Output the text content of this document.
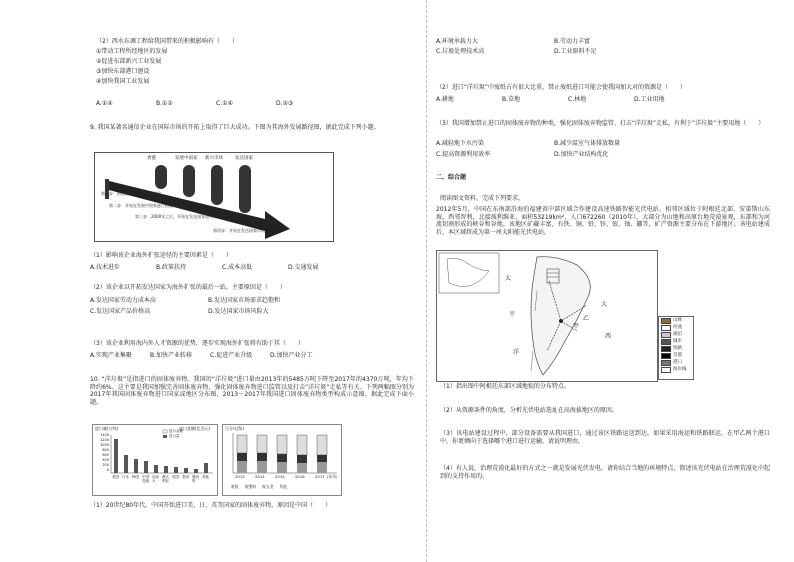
（2）西水东调工程给我国带来的积极影响有（　　）
①带动工程所经地区的发展
②促进东部新兴工业发展
③加快东部港口建设
④加快我国工业发展
A.①④	B.①②	C.①④	D.②③
9. 我国某著名通信企业在国际市场的开拓上取得了巨大成功。下图为其海外发展路径图，据此完成下列小题。
香港	发展中国家 新兴市场	发达国家
第一步：围绕前往港进行初步检验
第二步：开始在发展中国家进行拓展
第三步：2000年之后，开始在发达国家进行开拓
第四步：开始在发达国家市场全面发力
（1）影响该企业海外扩张途径的主要因素是（　　）
A.技术进步	B.政策扶持	C.成本高低	D.交通发展
（2）该企业以开拓发达国家为海外扩张的最后一站，主要原因是（　　）
A.发达国家劳动力成本高	B.发达国家市场需求趋饱和
C.发达国家产品价格高	D.发达国家市场风险大
（3）该企业利用海内外人才资源的优势，逐步实现海外扩张将有助于其（　　）
A.实现产业集聚	B.加快产业转移	C.促进产业升级	D.加快产业分工
10. “洋垃圾”是指进口的固体废弃物。我国的“洋垃圾”进口量由2013年的5485万吨下降至2017年的4370万吨，年均下降约6%。这主要是我国加强完善固体废弃物、强化固体废弃物进口监管以及打击“洋垃圾”走私等有关。下列两幅图分别为2017年我国固体废弃物进口国家或地区分布图，2013～2017年我国进口固体废弃物类型构成示意图。据此完成下面小题。
进口量(万吨)	进口金额(亿美元)
进口金额
进口量
1400
1200
1000
800
600
400
200
0
美国 日本 韩国 中国香港
加拿大
澳大利亚
英国 泰国 墨西哥
其他
百分比(%)
2013	2014	2015	2016	2017 (年份)
废纸 废塑料 废五金 其他
（1）20世纪80年代，中国开始进口美、日、英等国家的固体废弃物，原因是中国（　　）
A.环境承载力大	B.劳动力丰富
C.垃圾处理技术高	D.工业原料不足
（2）进口“洋垃圾”中废纸占有很大比重，禁止废纸进口可能会使我国加大对的资源是（　　）
A.耕地	B.草地	C.林地	D.工业用地
（3）我国增加禁止进口的固体废弃物的种类，强化固体废弃物监管、打击“洋垃圾”走私，有利于“洋垃圾”主要用地（　　）
A.减轻地下水污染	B.减少温室气体排放数量
C.提高资源利用效率	D.加快产业结构优化
二、综合题
阅读图文资料，完成下列要求。
2012年5月，中国在东南部沿海的福建省中部区域合作建设高速铁路智能光伏电站，相邻区域位于阿根廷北部，安第斯山东坡，西邻智利，北接玻利维亚。面积53219km²，人口672260（2010年），大部分为山地和高原台地荒漠景观，东部和为河流切割形成的峡谷和谷地。该地区矿藏丰富，有铁、铜、铅、锌、银、铀、硼等，矿产资源主要分布在下游地区。该电站建成后，本区域将成为第一座太阳能光伏电站。
太
平
洋
西
大
乙
甲
山脉
河流
湖泊
城市
铁路
首都
港口
海岸线
（1）指出图中阿根廷东部区域地貌的分布特点。
（2）从资源条件的角度，分析光伏电站选址在高海拔地区的原因。
（3）该电站建设过程中，部分设备需要从我国进口，通过该区铁路运送到达。如果采用海运和铁路联运，在甲乙两个港口中，你更倾向于选择哪个港口进行运输，请说明理由。
（4）有人说，治理荒漠化最好的方式之一就是发展光伏发电。请你结合当地的环境特点，简述该光伏电站在治理荒漠化中起到的支持作用的。
